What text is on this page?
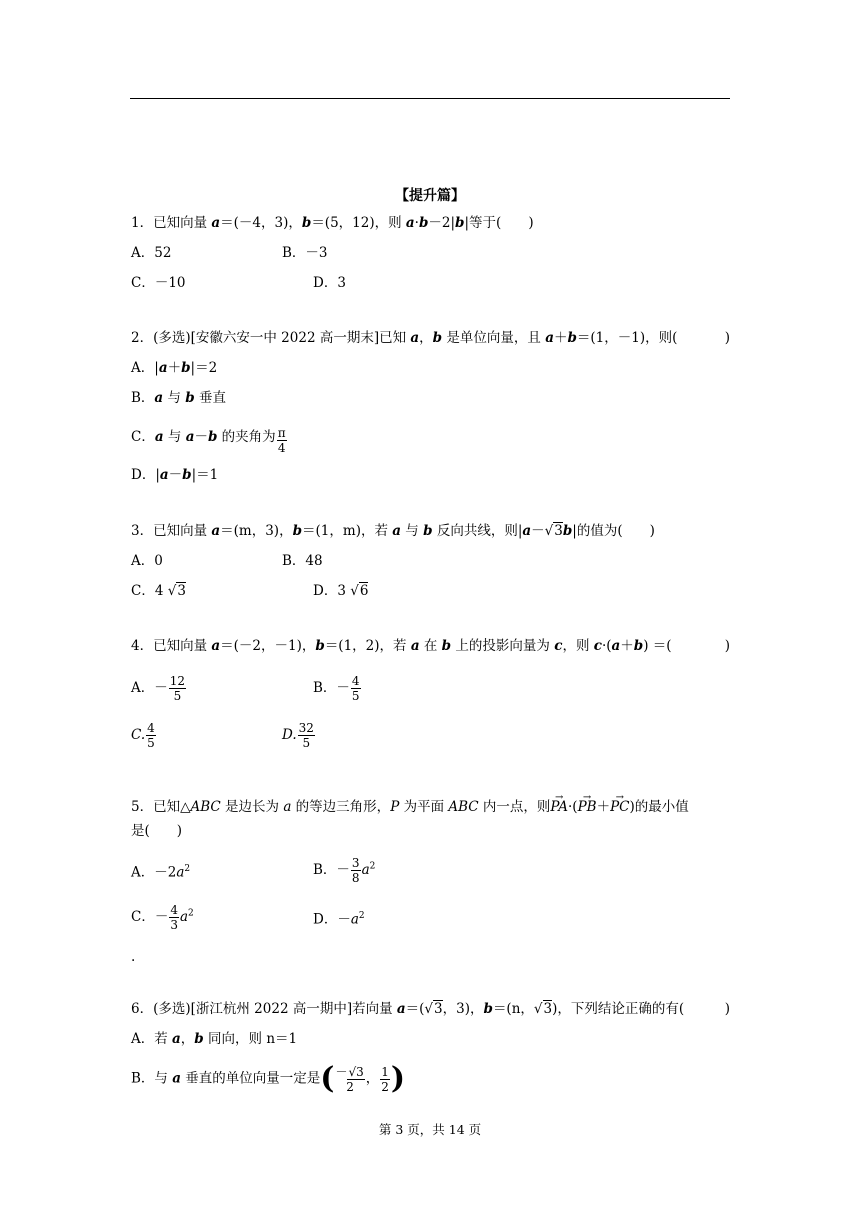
【提升篇】
1．已知向量 a＝(－4，3)，b＝(5，12)，则 a·b－2|b|等于(　　)
A．52	B．－3
C．－10	D．3
2．(多选)[安徽六安一中 2022 高一期末]已知 a，b 是单位向量，且 a＋b＝(1，－1)，则(	)
A．|a＋b|＝2
B．a 与 b 垂直
C．a 与 a－b 的夹角为 $\frac{\pi}{4}$
D．|a－b|＝1
3．已知向量 a＝(m，3)，b＝(1，m)，若 a 与 b 反向共线，则|a－√3b|的值为(　　)
A．0	B．48
C．4 √3	D．3 √6
4．已知向量 a＝(－2，－1)，b＝(1，2)，若 a 在 b 上的投影向量为 c，则 c·(a＋b) ＝(	)
A．－ $\frac{12}{5}$	B．－ $\frac{4}{5}$
C. $\frac{4}{5}$	D. $\frac{32}{5}$
5．已知△ABC 是边长为 a 的等边三角形，P 为平面 ABC 内一点，则→ PA·(→ PB＋→ PC)的最小值
是(　　)
A．$-2a^2$	B．－ $\frac{3}{8} a^2$
C．－ $\frac{4}{3} a^2$	D．$-a^2$
.
6．(多选)[浙江杭州 2022 高一期中]若向量 a＝(√3，3)，b＝(n，√3)，下列结论正确的有(	)
A．若 a，b 同向，则 n＝1
B．与 a 垂直的单位向量一定是(－√3
2 ， $\frac{1}{2}$ )
第 3 页，共 14 页
